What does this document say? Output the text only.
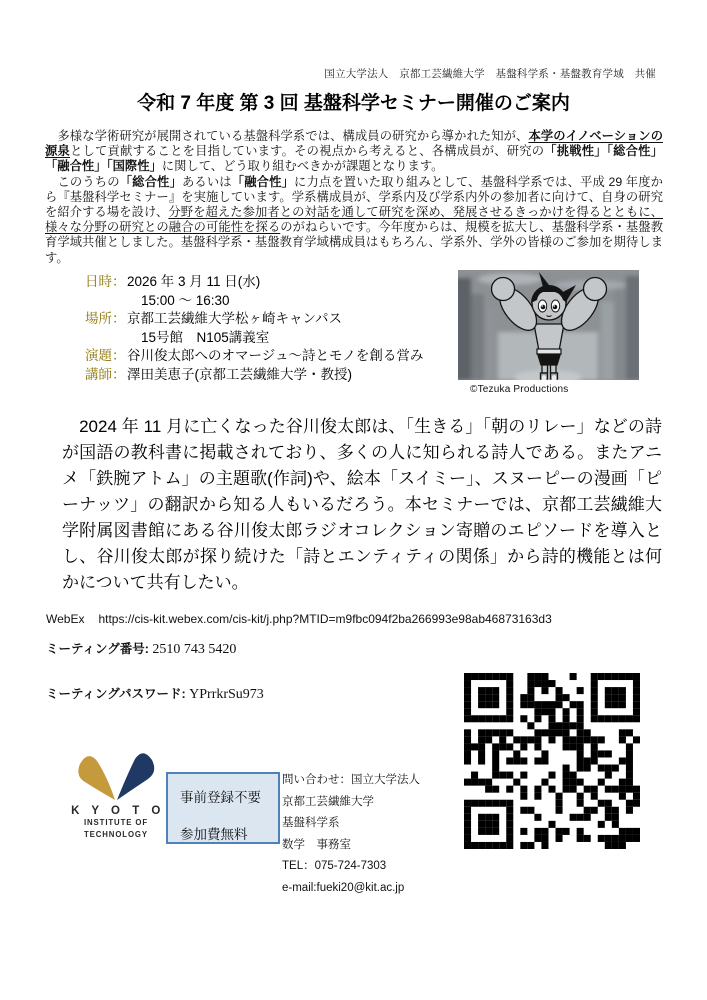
国立大学法人　京都工芸繊維大学　基盤科学系・基盤教育学域　共催
令和 7 年度 第 3 回 基盤科学セミナー開催のご案内

　多様な学術研究が展開されている基盤科学系では、構成員の研究から導かれた知が、本学のイノベーションの源泉として貢献することを目指しています。その視点から考えると、各構成員が、研究の「挑戦性」「総合性」「融合性」「国際性」に関して、どう取り組むべきかが課題となります。

　このうちの「総合性」あるいは「融合性」に力点を置いた取り組みとして、基盤科学系では、平成 29 年度から『基盤科学セミナー』を実施しています。学系構成員が、学系内及び学系内外の参加者に向けて、自身の研究を紹介する場を設け、分野を超えた参加者との対話を通して研究を深め、発展させるきっかけを得るとともに、様々な分野の研究との融合の可能性を探るのがねらいです。今年度からは、規模を拡大し、基盤科学系・基盤教育学域共催としました。基盤科学系・基盤教育学域構成員はもちろん、学系外、学外の皆様のご参加を期待します。

日時： 2026 年 3 月 11 日(水)
15:00 ～ 16:30
場所： 京都工芸繊維大学松ヶ崎キャンパス
15号館　N105講義室
演題： 谷川俊太郎へのオマージュ～詩とモノを創る営み
講師： 澤田美恵子(京都工芸繊維大学・教授)
©Tezuka Productions

　2024 年 11 月に亡くなった谷川俊太郎は、「生きる」「朝のリレー」などの詩が国語の教科書に掲載されており、多くの人に知られる詩人である。またアニメ「鉄腕アトム」の主題歌(作詞)や、絵本「スイミー」、スヌーピーの漫画「ピーナッツ」の翻訳から知る人もいるだろう。本セミナーでは、京都工芸繊維大学附属図書館にある谷川俊太郎ラジオコレクション寄贈のエピソードを導入とし、谷川俊太郎が探り続けた「詩とエンティティの関係」から詩的機能とは何かについて共有したい。

WebEx https://cis-kit.webex.com/cis-kit/j.php?MTID=m9fbc094f2ba266993e98ab46873163d3
ミーティング番号: 2510 743 5420
ミーティングパスワード: YPrrkrSu973
K Y O T O
INSTITUTE OF
TECHNOLOGY
事前登録不要
参加費無料
問い合わせ：国立大学法人
京都工芸繊維大学
基盤科学系
数学　事務室
TEL：075-724-7303
e-mail:fueki20@kit.ac.jp
